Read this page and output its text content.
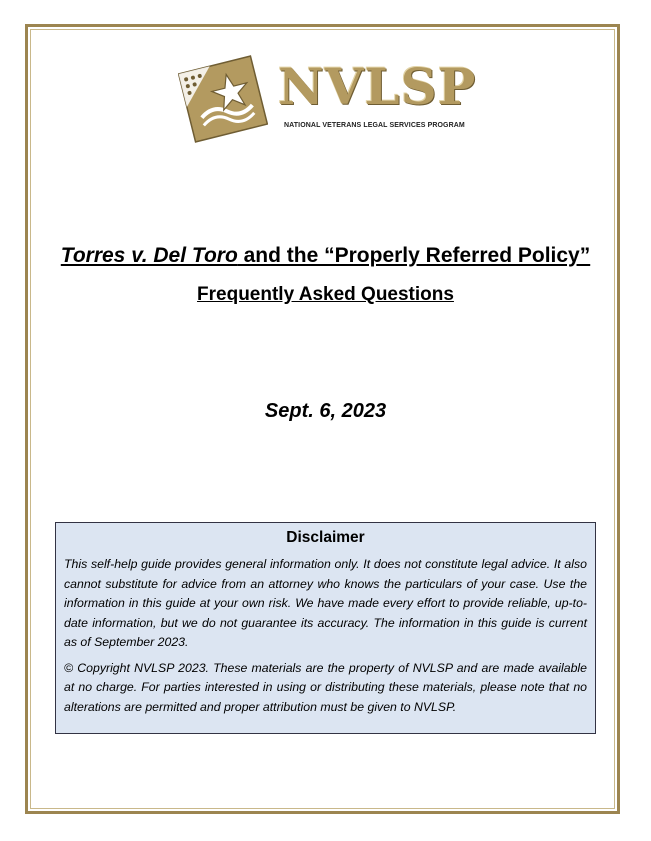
NVLSP
NATIONAL VETERANS LEGAL SERVICES PROGRAM
Torres v. Del Toro and the “Properly Referred Policy”
Frequently Asked Questions
Sept. 6, 2023
Disclaimer

This self-help guide provides general information only. It does not constitute legal advice. It also cannot substitute for advice from an attorney who knows the particulars of your case. Use the information in this guide at your own risk. We have made every effort to provide reliable, up-to-date information, but we do not guarantee its accuracy. The information in this guide is current as of September 2023.

© Copyright NVLSP 2023. These materials are the property of NVLSP and are made available at no charge. For parties interested in using or distributing these materials, please note that no alterations are permitted and proper attribution must be given to NVLSP.
